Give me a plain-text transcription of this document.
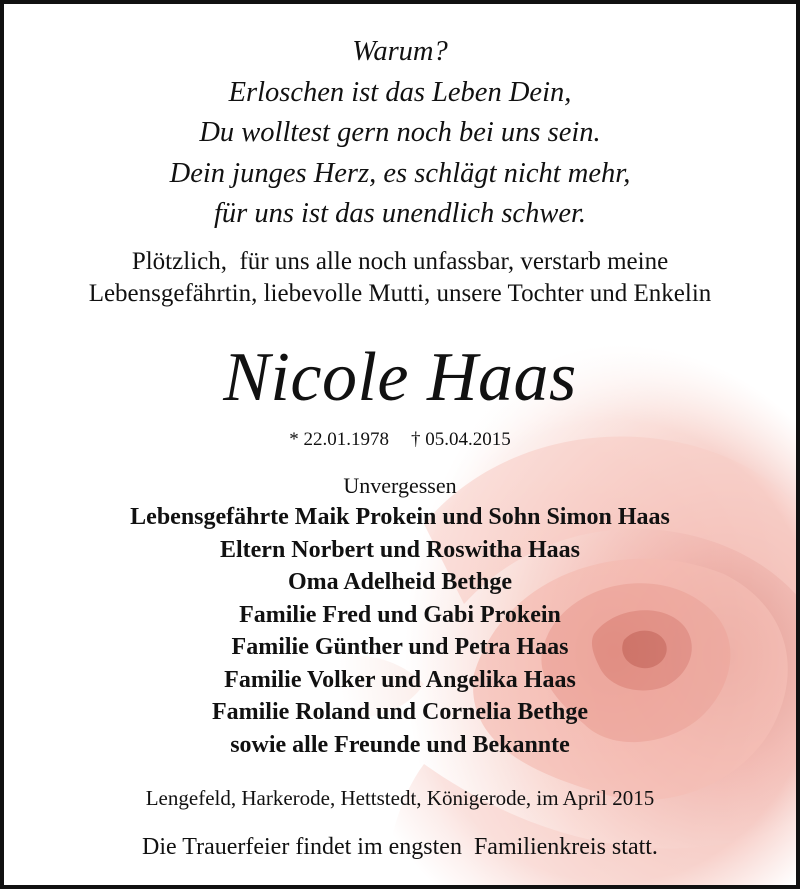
Warum?
Erloschen ist das Leben Dein,
Du wolltest gern noch bei uns sein.
Dein junges Herz, es schlägt nicht mehr,
für uns ist das unendlich schwer.
Plötzlich,  für uns alle noch unfassbar, verstarb meine
Lebensgefährtin, liebevolle Mutti, unsere Tochter und Enkelin
Nicole Haas
* 22.01.1978 † 05.04.2015
Unvergessen
Lebensgefährte Maik Prokein und Sohn Simon Haas
Eltern Norbert und Roswitha Haas
Oma Adelheid Bethge
Familie Fred und Gabi Prokein
Familie Günther und Petra Haas
Familie Volker und Angelika Haas
Familie Roland und Cornelia Bethge
sowie alle Freunde und Bekannte
Lengefeld, Harkerode, Hettstedt, Königerode, im April 2015
Die Trauerfeier findet im engsten  Familienkreis statt.
